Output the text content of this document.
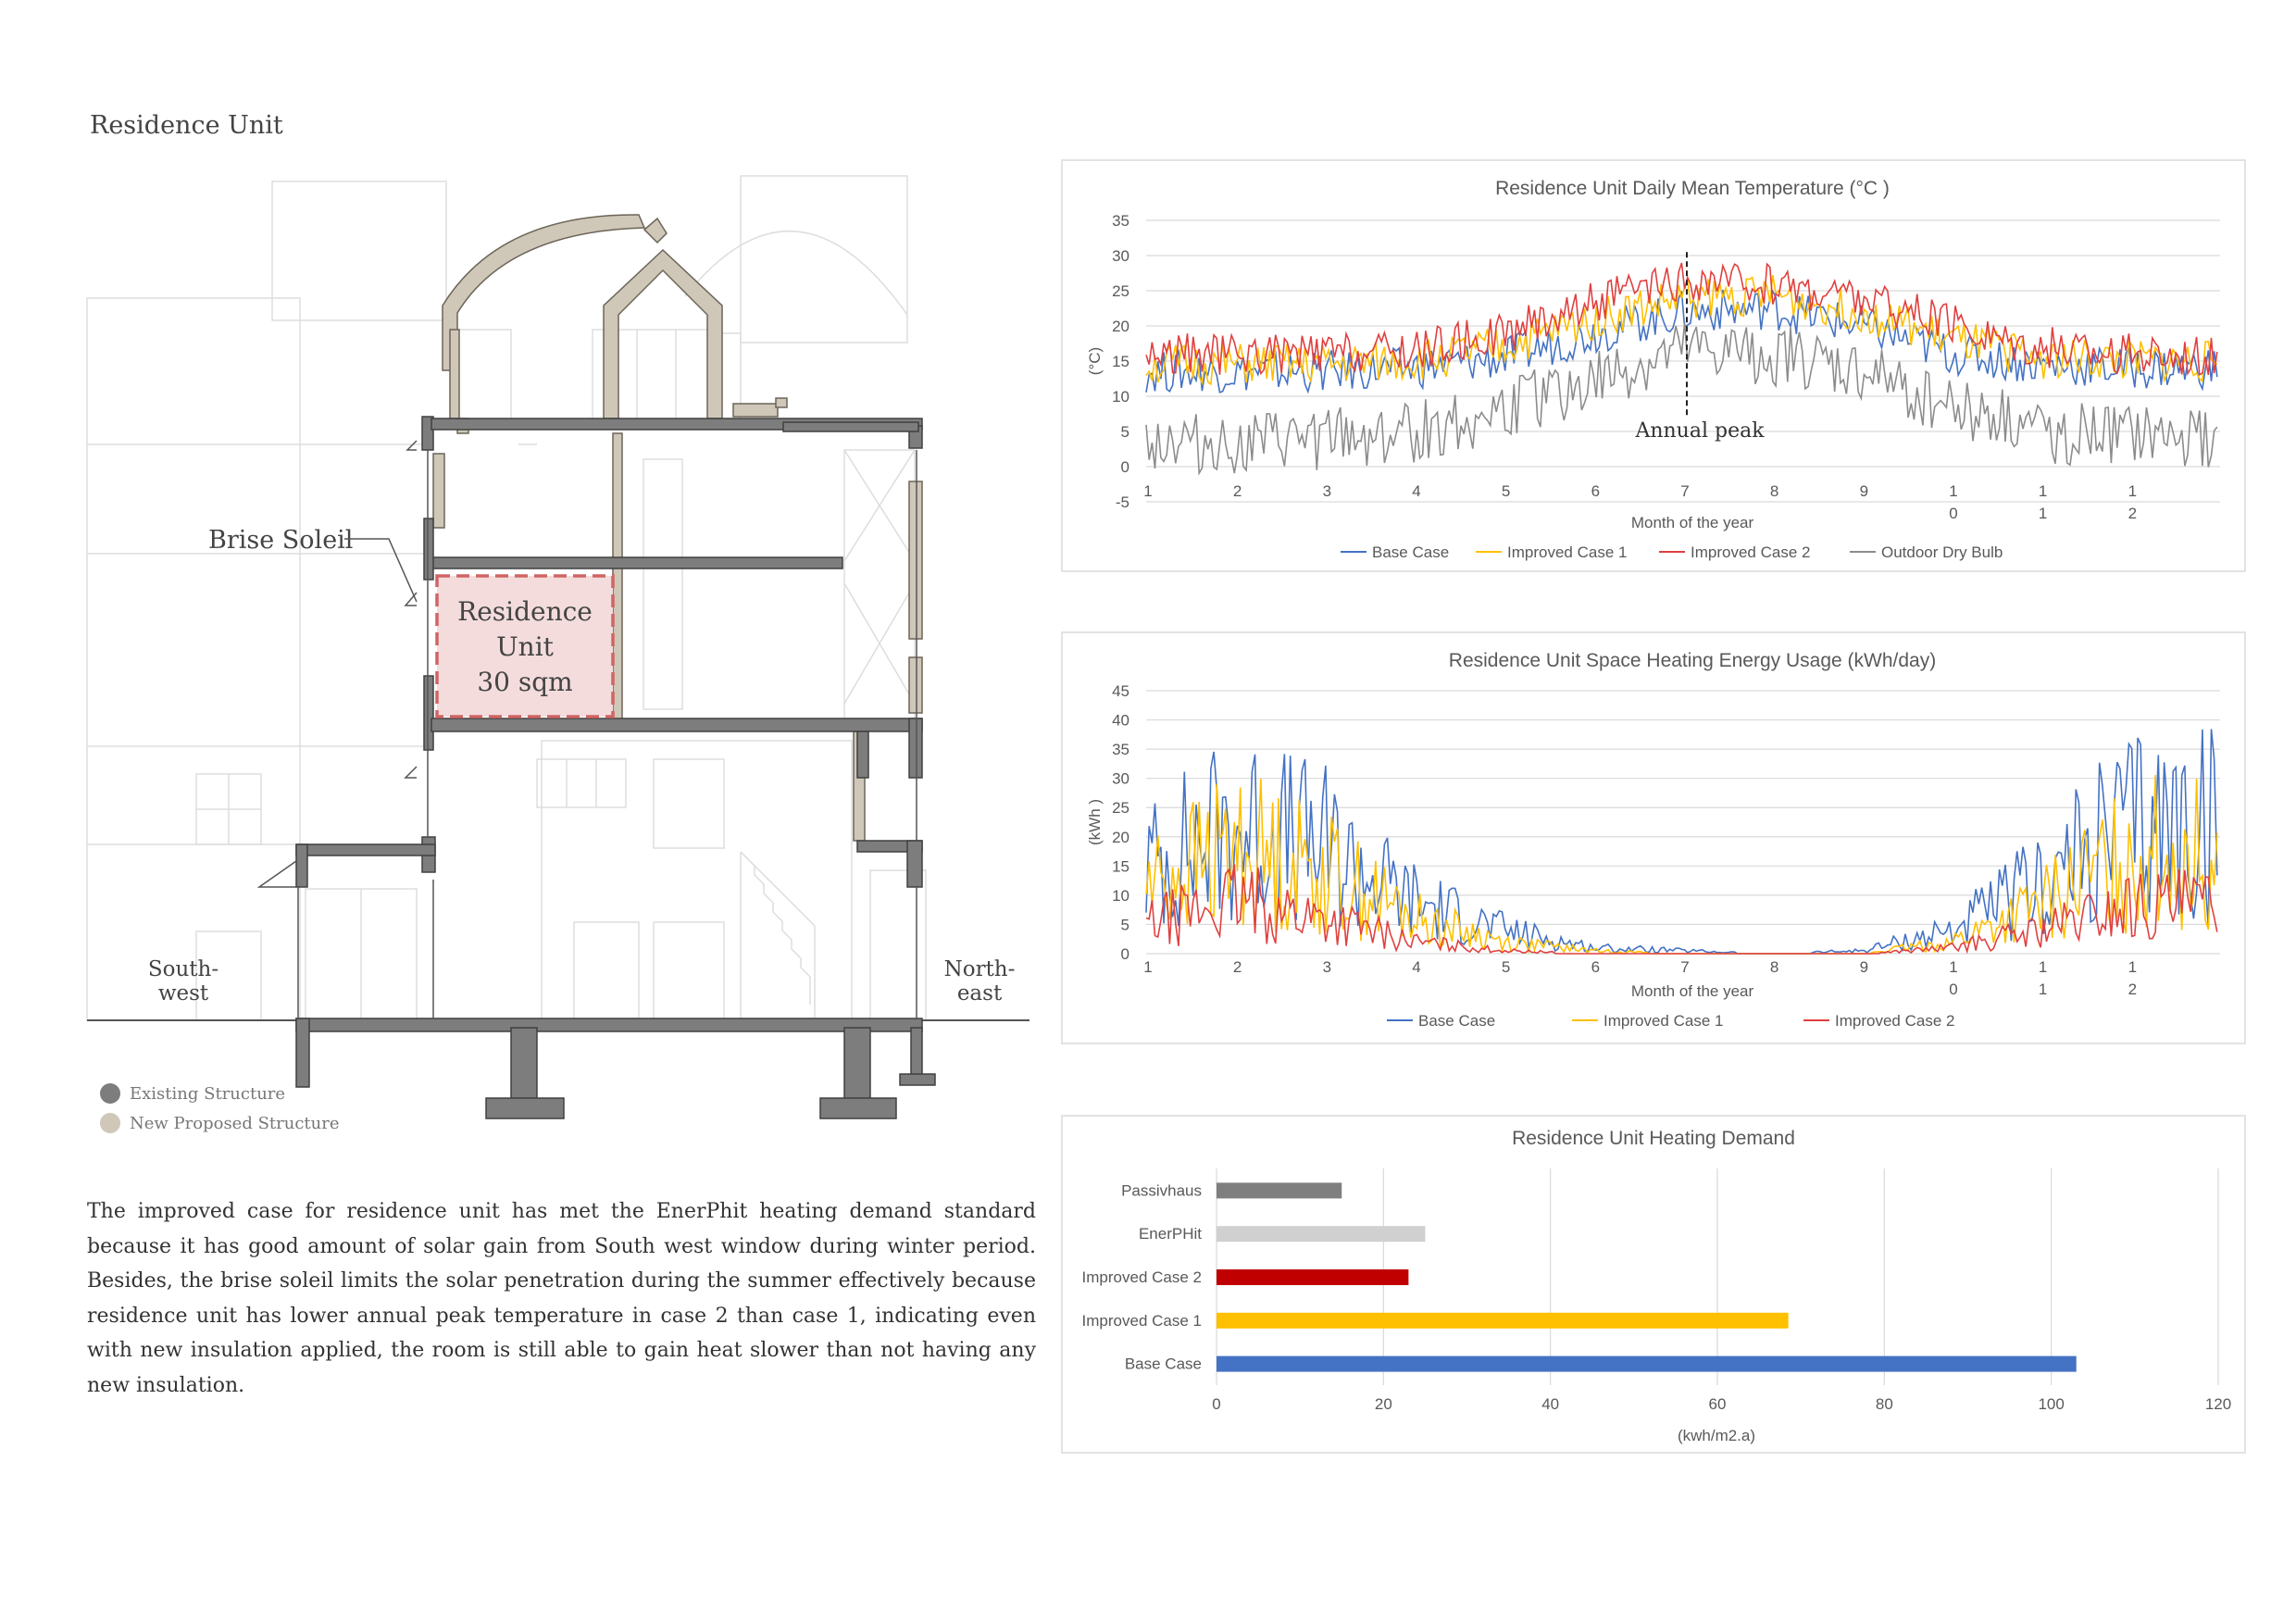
Residence Unit
Residence
Unit
30 sqm
Brise Soleil
South-
west
North-
east
Existing Structure
New Proposed Structure
The improved case for residence unit has met the EnerPhit heating demand standard because it has good amount of solar gain from South west window during winter period. Besides, the brise soleil limits the solar penetration during the summer effectively because residence unit has lower annual peak temperature in case 2 than case 1, indicating even with new insulation applied, the room is still able to gain heat slower than not having any new insulation.
Residence Unit Daily Mean Temperature (°C )
35
30
25
20
15
10
5
0
-5
(°C)
1	2	3	4	5	6	7	8	9	1
0
1
1
1
2
Month of the year
Base Case	Improved Case 1	Improved Case 2	Outdoor Dry Bulb
Annual peak
Residence Unit Space Heating Energy Usage (kWh/day)
45
40
35
30
25
20
15
10
5
0
(kWh )
1	2	3	4	5	6	7	8	9	1
0
1
1
1
2
Month of the year
Base Case	Improved Case 1	Improved Case 2
Residence Unit Heating Demand
0	20	40	60	80	100	120
(kwh/m2.a)
Passivhaus
EnerPHit
Improved Case 2
Improved Case 1
Base Case
